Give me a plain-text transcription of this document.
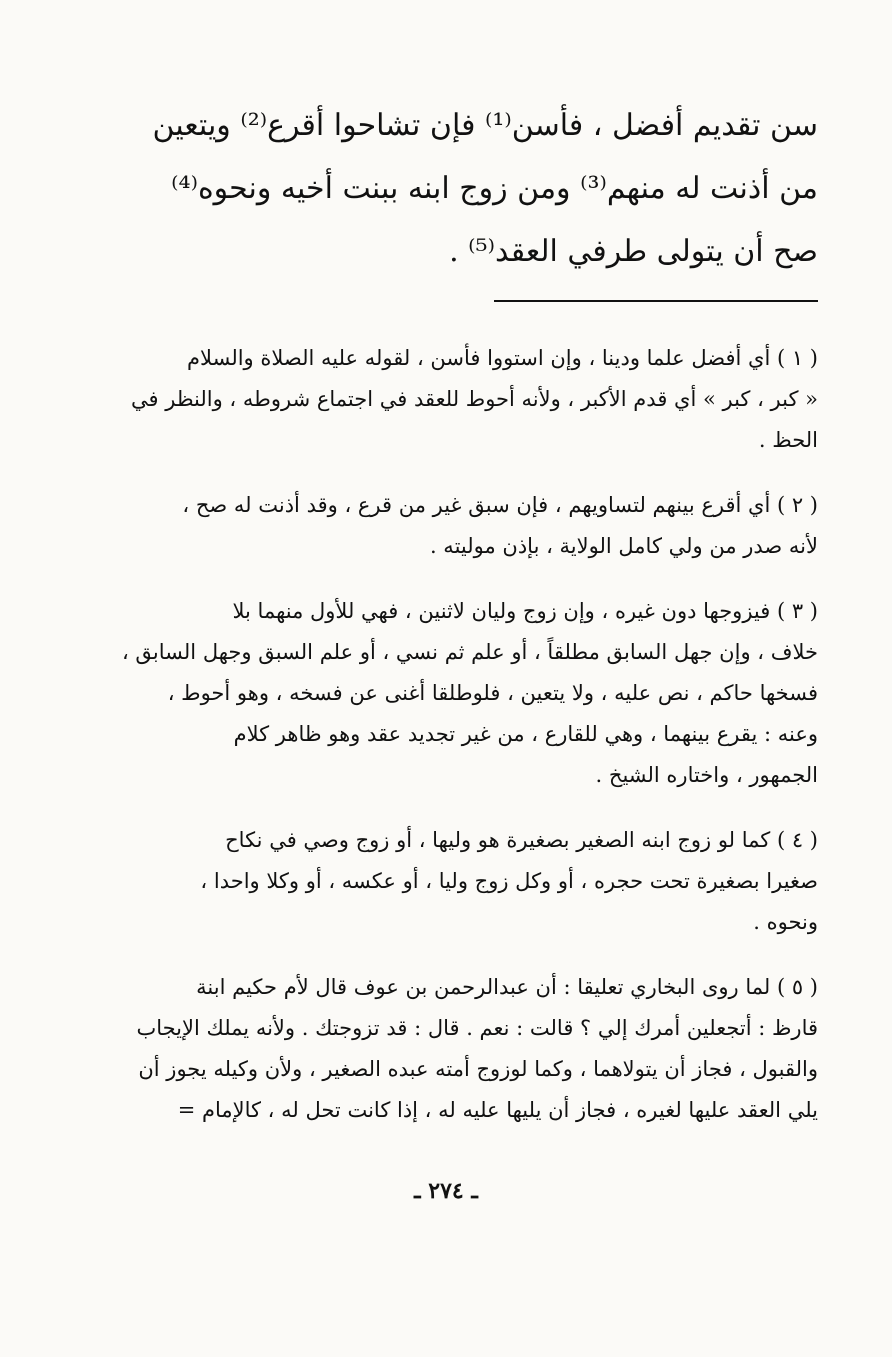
سن تقديم أفضل ، فأسن⁽¹⁾ فإن تشاحوا أقرع⁽²⁾ ويتعين
من أذنت له منهم⁽³⁾ ومن زوج ابنه ببنت أخيه ونحوه⁽⁴⁾
صح أن يتولى طرفي العقد⁽⁵⁾ .
( ١ ) أي أفضل علما ودينا ، وإن استووا فأسن ، لقوله عليه الصلاة والسلام
« كبر ، كبر » أي قدم الأكبر ، ولأنه أحوط للعقد في اجتماع شروطه ، والنظر في
الحظ .
( ٢ ) أي أقرع بينهم لتساويهم ، فإن سبق غير من قرع ، وقد أذنت له صح ،
لأنه صدر من ولي كامل الولاية ، بإذن موليته .
( ٣ ) فيزوجها دون غيره ، وإن زوج وليان لاثنين ، فهي للأول منهما بلا
خلاف ، وإن جهل السابق مطلقاً ، أو علم ثم نسي ، أو علم السبق وجهل السابق ،
فسخها حاكم ، نص عليه ، ولا يتعين ، فلوطلقا أغنى عن فسخه ، وهو أحوط ،
وعنه : يقرع بينهما ، وهي للقارع ، من غير تجديد عقد وهو ظاهر كلام
الجمهور ، واختاره الشيخ .
( ٤ ) كما لو زوج ابنه الصغير بصغيرة هو وليها ، أو زوج وصي في نكاح
صغيرا بصغيرة تحت حجره ، أو وكل زوج وليا ، أو عكسه ، أو وكلا واحدا ،
ونحوه .
( ٥ ) لما روى البخاري تعليقا : أن عبدالرحمن بن عوف قال لأم حكيم ابنة
قارظ : أتجعلين أمرك إلي ؟ قالت : نعم . قال : قد تزوجتك . ولأنه يملك الإيجاب
والقبول ، فجاز أن يتولاهما ، وكما لوزوج أمته عبده الصغير ، ولأن وكيله يجوز أن
يلي العقد عليها لغيره ، فجاز أن يليها عليه له ، إذا كانت تحل له ، كالإمام =
ـ ٢٧٤ ـ
